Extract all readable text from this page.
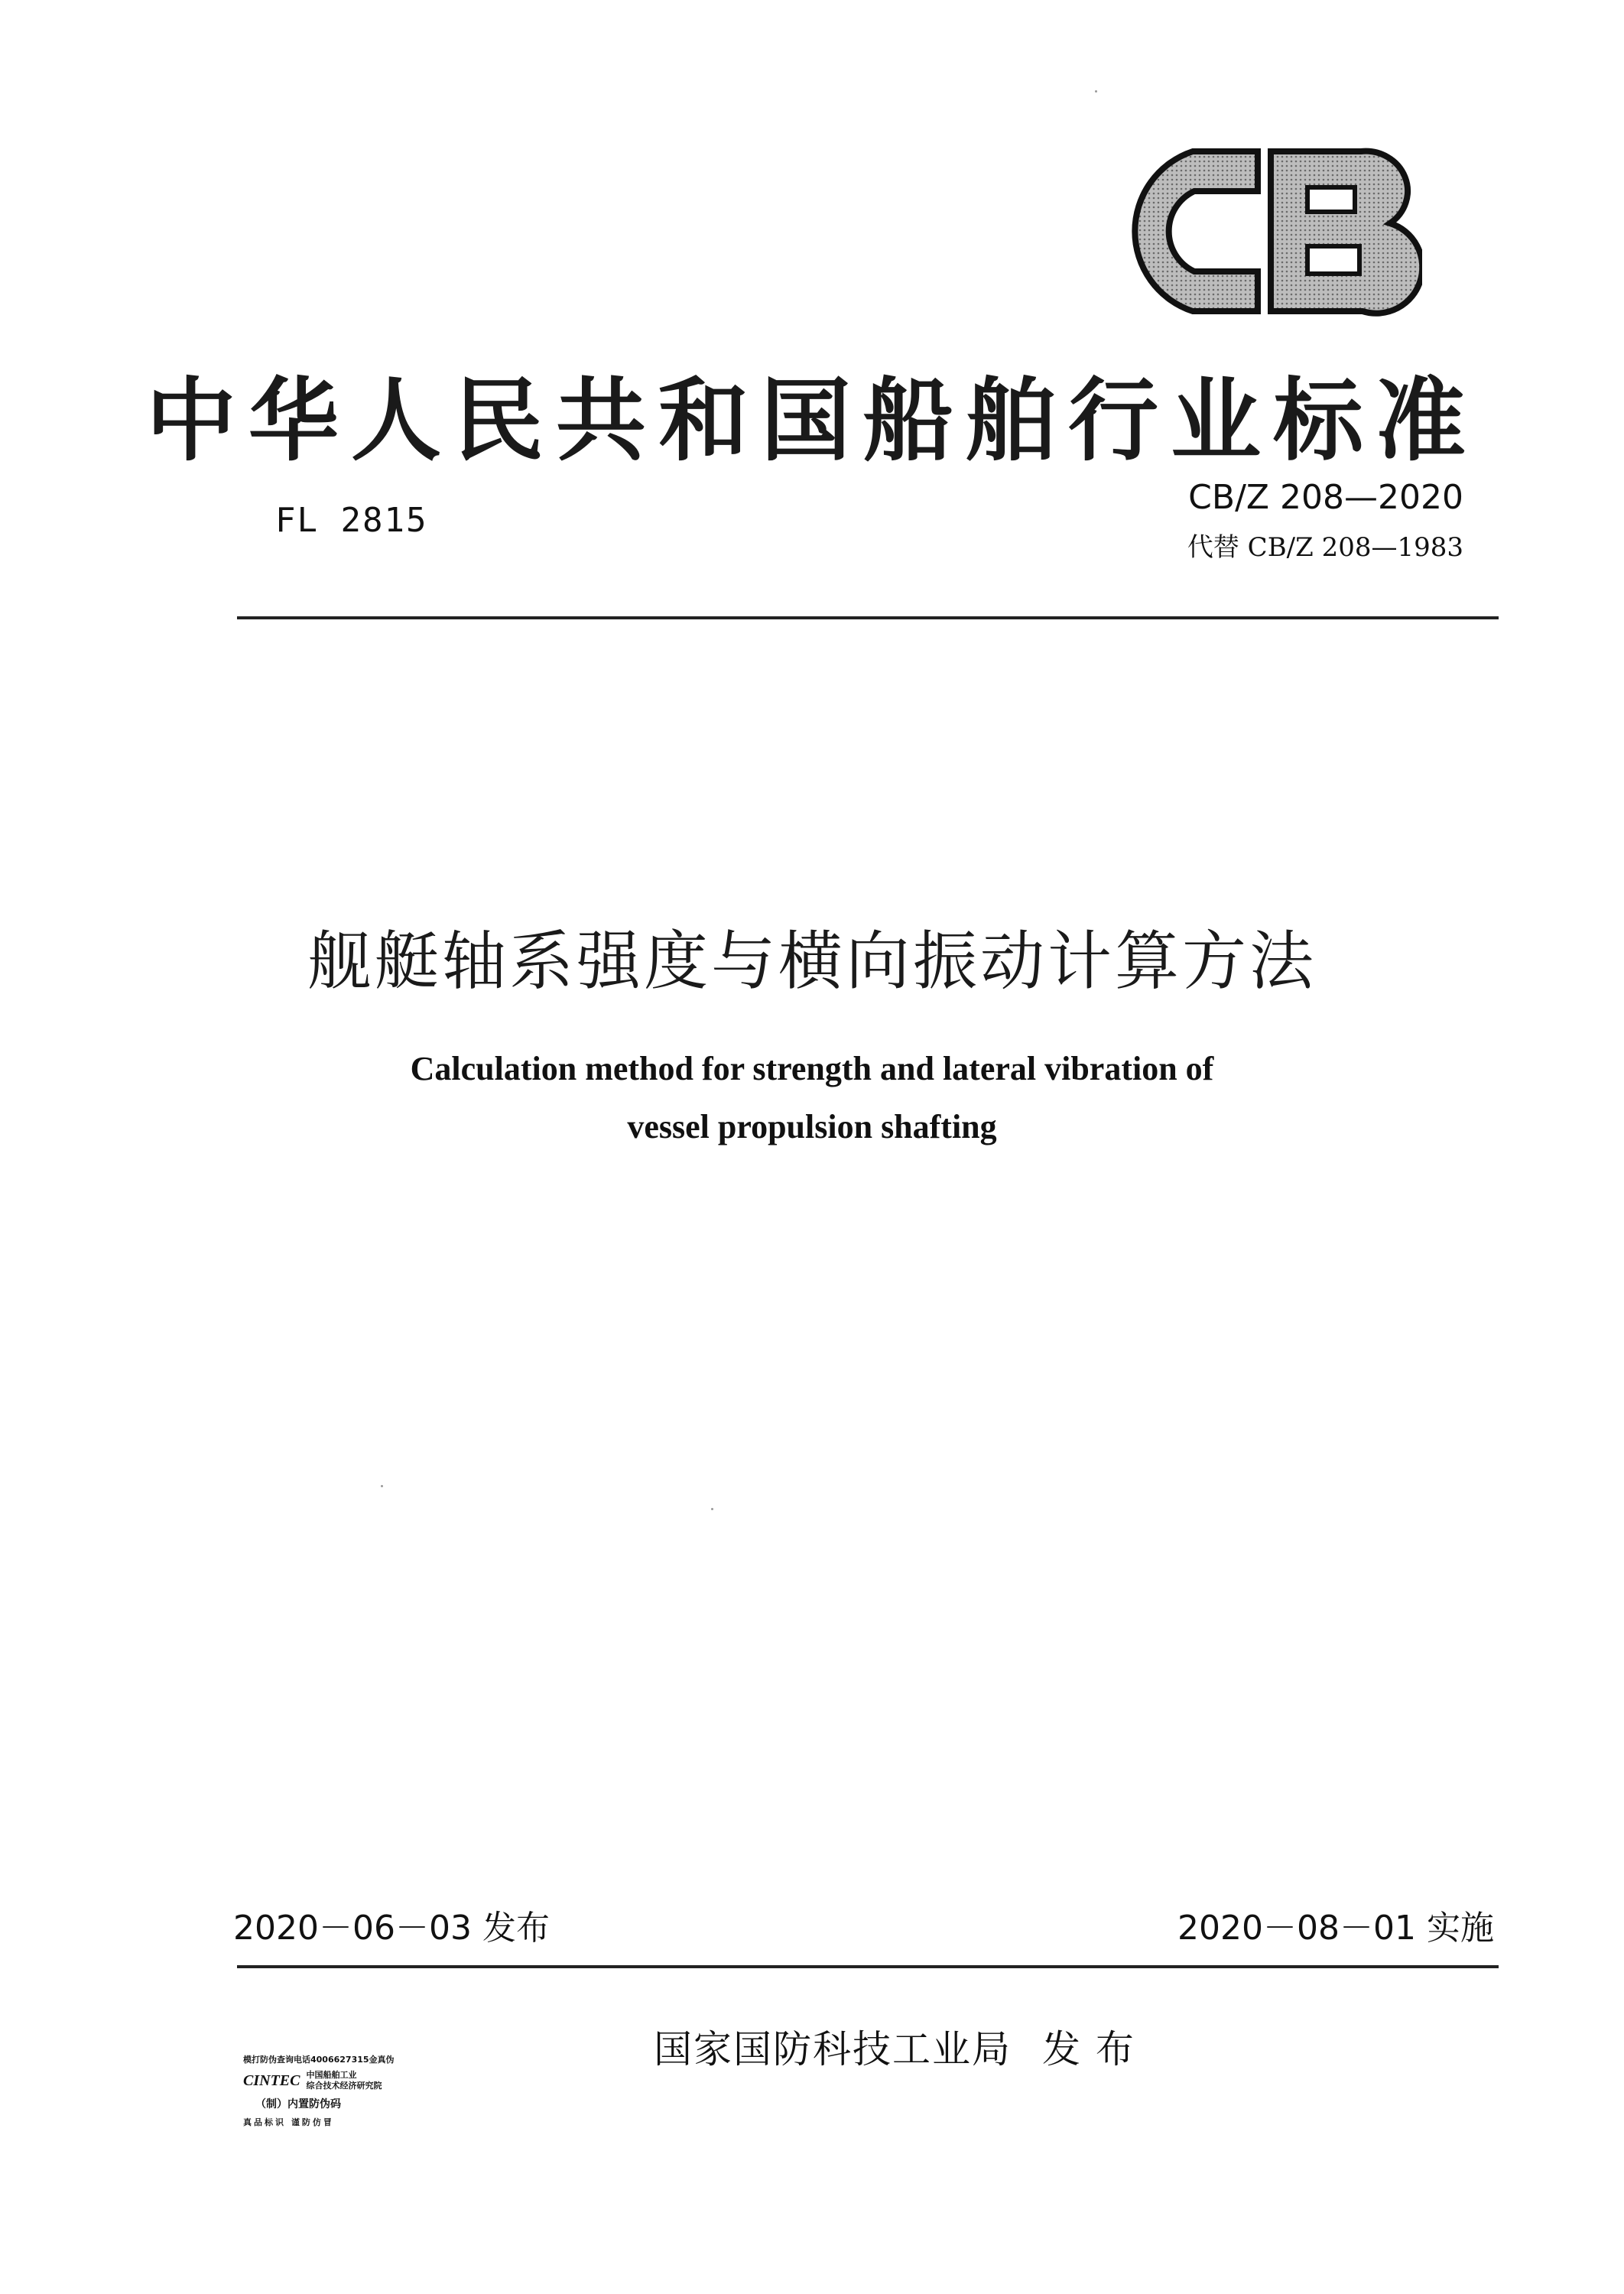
中华人民共和国船舶行业标准
FL 2815
CB/Z 208—2020
代替 CB/Z 208—1983
舰艇轴系强度与横向振动计算方法
Calculation method for strength and lateral vibration of
vessel propulsion shafting
2020－06－03 发布	2020－08－01 实施
模打防伪查询电话4006627315金真伪
CINTEC 中国船舶工业
综合技术经济研究院
（制）内置防伪码
真品标识 谨防仿冒
国家国防科技工业局 发 布
